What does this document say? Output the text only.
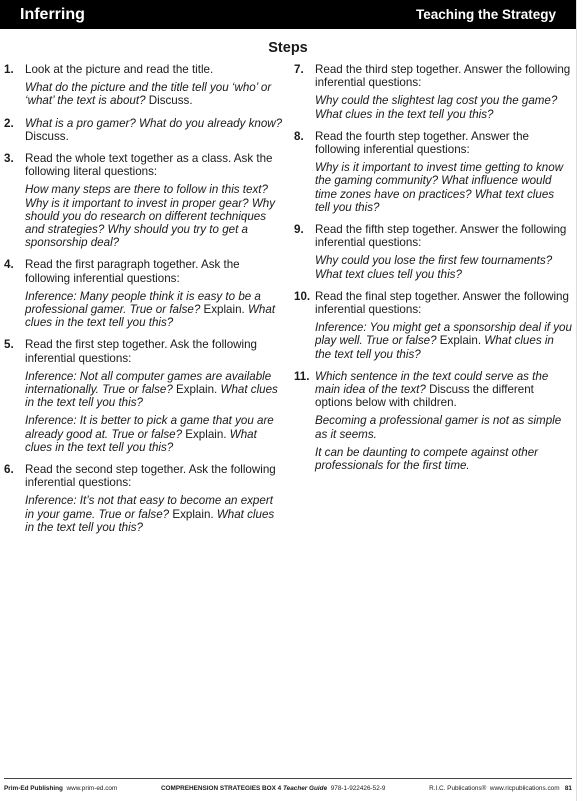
Inferring	Teaching the Strategy
Steps
1. Look at the picture and read the title.

What do the picture and the title tell you ‘who’ or ‘what’ the text is about? Discuss.

2. What is a pro gamer? What do you already know? Discuss.

3. Read the whole text together as a class. Ask the following literal questions:

How many steps are there to follow in this text? Why is it important to invest in proper gear? Why should you do research on different techniques and strategies? Why should you try to get a sponsorship deal?

4. Read the first paragraph together. Ask the following inferential questions:

Inference: Many people think it is easy to be a professional gamer. True or false? Explain. What clues in the text tell you this?

5. Read the first step together. Ask the following inferential questions:

Inference: Not all computer games are available internationally. True or false? Explain. What clues in the text tell you this?

Inference: It is better to pick a game that you are already good at. True or false? Explain. What clues in the text tell you this?

6. Read the second step together. Ask the following inferential questions:

Inference: It’s not that easy to become an expert in your game. True or false? Explain. What clues in the text tell you this?

7. Read the third step together. Answer the following inferential questions:

Why could the slightest lag cost you the game? What clues in the text tell you this?

8. Read the fourth step together. Answer the following inferential questions:

Why is it important to invest time getting to know the gaming community? What influence would time zones have on practices? What text clues tell you this?

9. Read the fifth step together. Answer the following inferential questions:

Why could you lose the first few tournaments? What text clues tell you this?

10. Read the final step together. Answer the following inferential questions:

Inference: You might get a sponsorship deal if you play well. True or false? Explain. What clues in the text tell you this?

11. Which sentence in the text could serve as the main idea of the text? Discuss the different options below with children.

Becoming a professional gamer is not as simple as it seems.

It can be daunting to compete against other professionals for the first time.

Prim-Ed Publishing www.prim-ed.com	COMPREHENSION STRATEGIES BOX 4 Teacher Guide 978-1-922426-52-9	R.I.C. Publications® www.ricpublications.com 81
